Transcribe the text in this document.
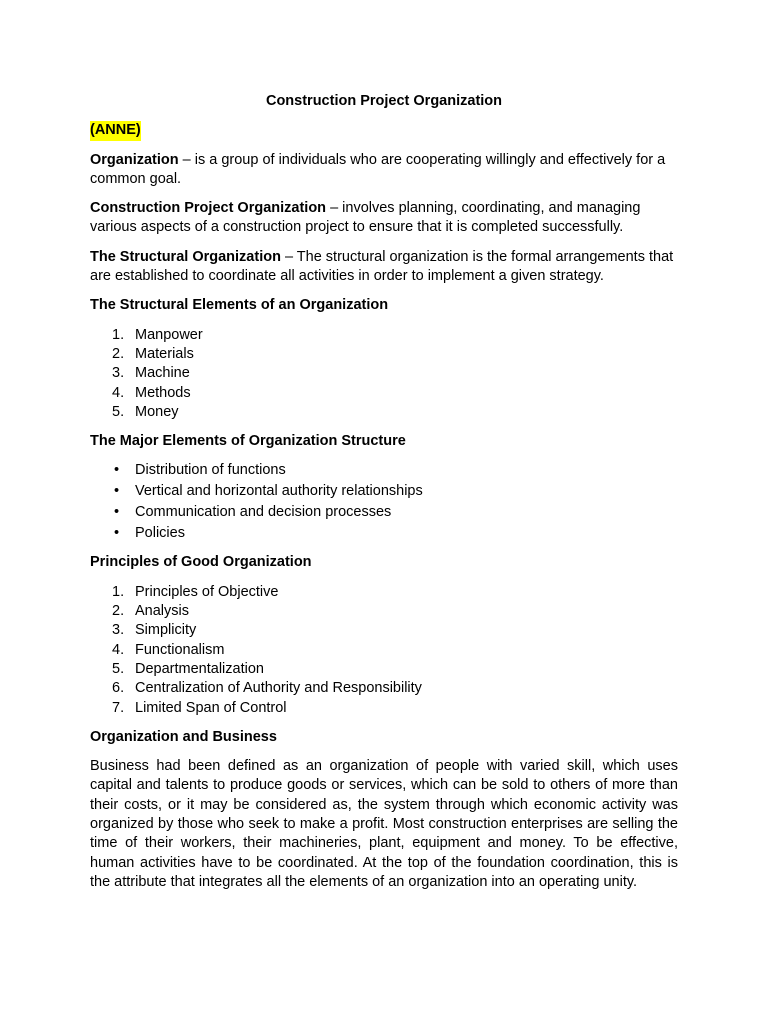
Construction Project Organization
(ANNE)

Organization – is a group of individuals who are cooperating willingly and effectively for a common goal.

Construction Project Organization – involves planning, coordinating, and managing various aspects of a construction project to ensure that it is completed successfully.

The Structural Organization – The structural organization is the formal arrangements that are established to coordinate all activities in order to implement a given strategy.

The Structural Elements of an Organization
1. Manpower
2. Materials
3. Machine
4. Methods
5. Money
The Major Elements of Organization Structure
• Distribution of functions
• Vertical and horizontal authority relationships
• Communication and decision processes
• Policies
Principles of Good Organization
1. Principles of Objective
2. Analysis
3. Simplicity
4. Functionalism
5. Departmentalization
6. Centralization of Authority and Responsibility
7. Limited Span of Control
Organization and Business

Business had been defined as an organization of people with varied skill, which uses capital and talents to produce goods or services, which can be sold to others of more than their costs, or it may be considered as, the system through which economic activity was organized by those who seek to make a profit. Most construction enterprises are selling the time of their workers, their machineries, plant, equipment and money. To be effective, human activities have to be coordinated. At the top of the foundation coordination, this is the attribute that integrates all the elements of an organization into an operating unity.
